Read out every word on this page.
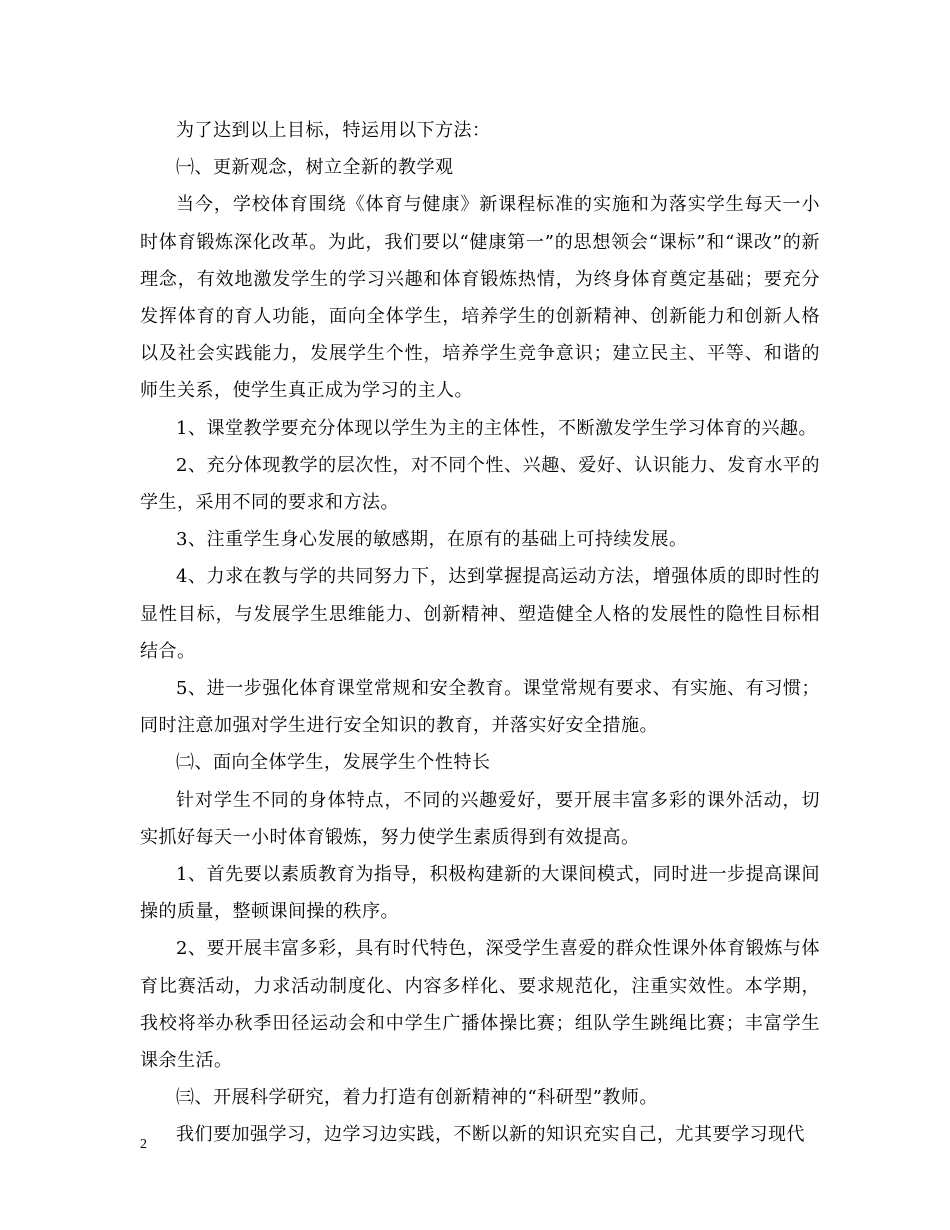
为了达到以上目标，特运用以下方法：

㈠、更新观念，树立全新的教学观

当今，学校体育围绕《体育与健康》新课程标准的实施和为落实学生每天一小时体育锻炼深化改革。为此，我们要以“健康第一”的思想领会“课标”和“课改”的新理念，有效地激发学生的学习兴趣和体育锻炼热情，为终身体育奠定基础；要充分发挥体育的育人功能，面向全体学生，培养学生的创新精神、创新能力和创新人格以及社会实践能力，发展学生个性，培养学生竞争意识；建立民主、平等、和谐的师生关系，使学生真正成为学习的主人。

1、课堂教学要充分体现以学生为主的主体性，不断激发学生学习体育的兴趣。

2、充分体现教学的层次性，对不同个性、兴趣、爱好、认识能力、发育水平的学生，采用不同的要求和方法。

3、注重学生身心发展的敏感期，在原有的基础上可持续发展。

4、力求在教与学的共同努力下，达到掌握提高运动方法，增强体质的即时性的显性目标，与发展学生思维能力、创新精神、塑造健全人格的发展性的隐性目标相结合。

5、进一步强化体育课堂常规和安全教育。课堂常规有要求、有实施、有习惯；同时注意加强对学生进行安全知识的教育，并落实好安全措施。

㈡、面向全体学生，发展学生个性特长

针对学生不同的身体特点，不同的兴趣爱好，要开展丰富多彩的课外活动，切实抓好每天一小时体育锻炼，努力使学生素质得到有效提高。

1、首先要以素质教育为指导，积极构建新的大课间模式，同时进一步提高课间操的质量，整顿课间操的秩序。

2、要开展丰富多彩，具有时代特色，深受学生喜爱的群众性课外体育锻炼与体育比赛活动，力求活动制度化、内容多样化、要求规范化，注重实效性。本学期，我校将举办秋季田径运动会和中学生广播体操比赛；组队学生跳绳比赛；丰富学生课余生活。

㈢、开展科学研究，着力打造有创新精神的“科研型”教师。

我们要加强学习，边学习边实践，不断以新的知识充实自己，尤其要学习现代

2
